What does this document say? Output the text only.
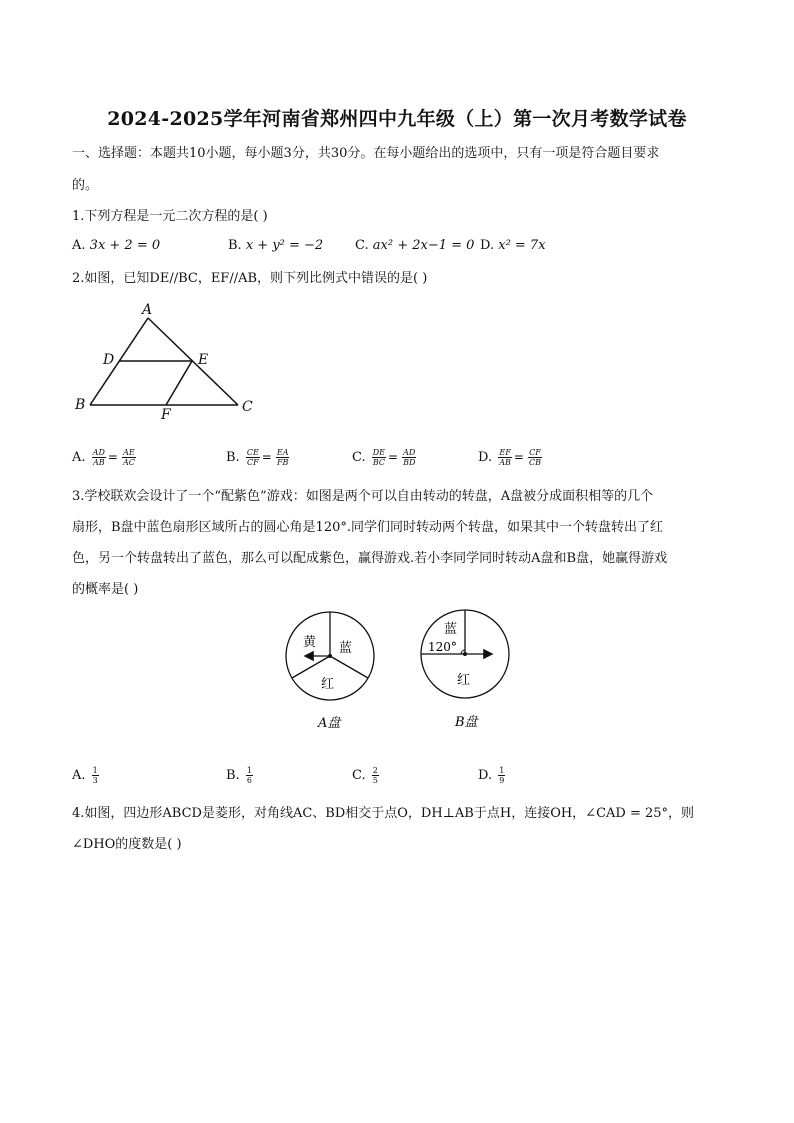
2024-2025学年河南省郑州四中九年级（上）第一次月考数学试卷
一、选择题：本题共10小题，每小题3分，共30分。在每小题给出的选项中，只有一项是符合题目要求
的。
1.下列方程是一元二次方程的是( )
A. 3x + 2 = 0	B. x + y² = −2 C. ax² + 2x−1 = 0 D. x² = 7x
2.如图，已知DE//BC，EF//AB，则下列比例式中错误的是( )
A
D	E
B
F	C
A. $\frac{AD}{AB} = \frac{AE}{AC}$	B. $\frac{CE}{CF} = \frac{EA}{FB}$	C. $\frac{DE}{BC} = \frac{AD}{BD}$	D. $\frac{EF}{AB} = \frac{CF}{CB}$
3.学校联欢会设计了一个“配紫色”游戏：如图是两个可以自由转动的转盘，A盘被分成面积相等的几个
扇形，B盘中蓝色扇形区域所占的圆心角是120°.同学们同时转动两个转盘，如果其中一个转盘转出了红
色，另一个转盘转出了蓝色，那么可以配成紫色，赢得游戏.若小李同学同时转动A盘和B盘，她赢得游戏
的概率是( )
黄 蓝
红
A盘
蓝
120°
红
B盘
A. $\frac{1}{3}$	B. $\frac{1}{6}$	C. $\frac{2}{5}$	D. $\frac{1}{9}$
4.如图，四边形ABCD是菱形，对角线AC、BD相交于点O，DH⊥AB于点H，连接OH，∠CAD = 25°，则
∠DHO的度数是( )
